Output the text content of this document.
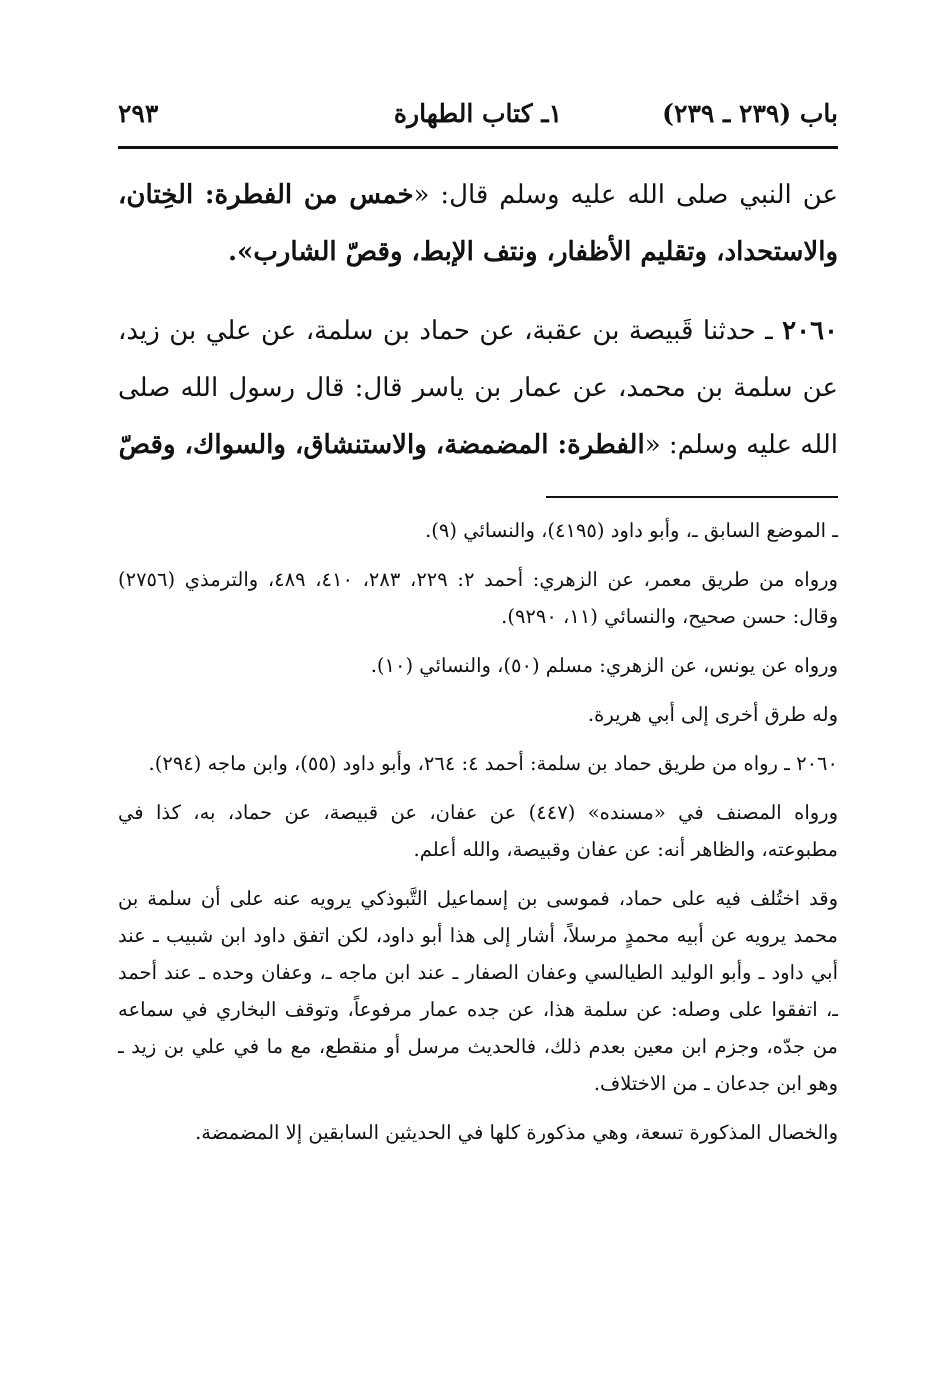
باب (٢٣٩ ـ ٢٣٩)
١ـ كتاب الطهارة
٢٩٣

عن النبي صلى الله عليه وسلم قال: «خمس من الفطرة: الخِتان، والاستحداد، وتقليم الأظفار، ونتف الإبط، وقصّ الشارب».

٢٠٦٠ ـ حدثنا قَبيصة بن عقبة، عن حماد بن سلمة، عن علي بن زيد، عن سلمة بن محمد، عن عمار بن ياسر قال: قال رسول الله صلى الله عليه وسلم: «الفطرة: المضمضة، والاستنشاق، والسواك، وقصّ

ـ الموضع السابق ـ، وأبو داود (٤١٩٥)، والنسائي (٩).

ورواه من طريق معمر، عن الزهري: أحمد ٢: ٢٢٩، ٢٨٣، ٤١٠، ٤٨٩، والترمذي (٢٧٥٦) وقال: حسن صحيح، والنسائي (١١، ٩٢٩٠).

ورواه عن يونس، عن الزهري: مسلم (٥٠)، والنسائي (١٠).

وله طرق أخرى إلى أبي هريرة.

٢٠٦٠ ـ رواه من طريق حماد بن سلمة: أحمد ٤: ٢٦٤، وأبو داود (٥٥)، وابن ماجه (٢٩٤).

ورواه المصنف في «مسنده» (٤٤٧) عن عفان، عن قبيصة، عن حماد، به، كذا في مطبوعته، والظاهر أنه: عن عفان وقبيصة، والله أعلم.

وقد اختُلف فيه على حماد، فموسى بن إسماعيل التَّبوذكي يرويه عنه على أن سلمة بن محمد يرويه عن أبيه محمدٍ مرسلاً، أشار إلى هذا أبو داود، لكن اتفق داود ابن شبيب ـ عند أبي داود ـ وأبو الوليد الطيالسي وعفان الصفار ـ عند ابن ماجه ـ، وعفان وحده ـ عند أحمد ـ، اتفقوا على وصله: عن سلمة هذا، عن جده عمار مرفوعاً، وتوقف البخاري في سماعه من جدّه، وجزم ابن معين بعدم ذلك، فالحديث مرسل أو منقطع، مع ما في علي بن زيد ـ وهو ابن جدعان ـ من الاختلاف.

والخصال المذكورة تسعة، وهي مذكورة كلها في الحديثين السابقين إلا المضمضة.
